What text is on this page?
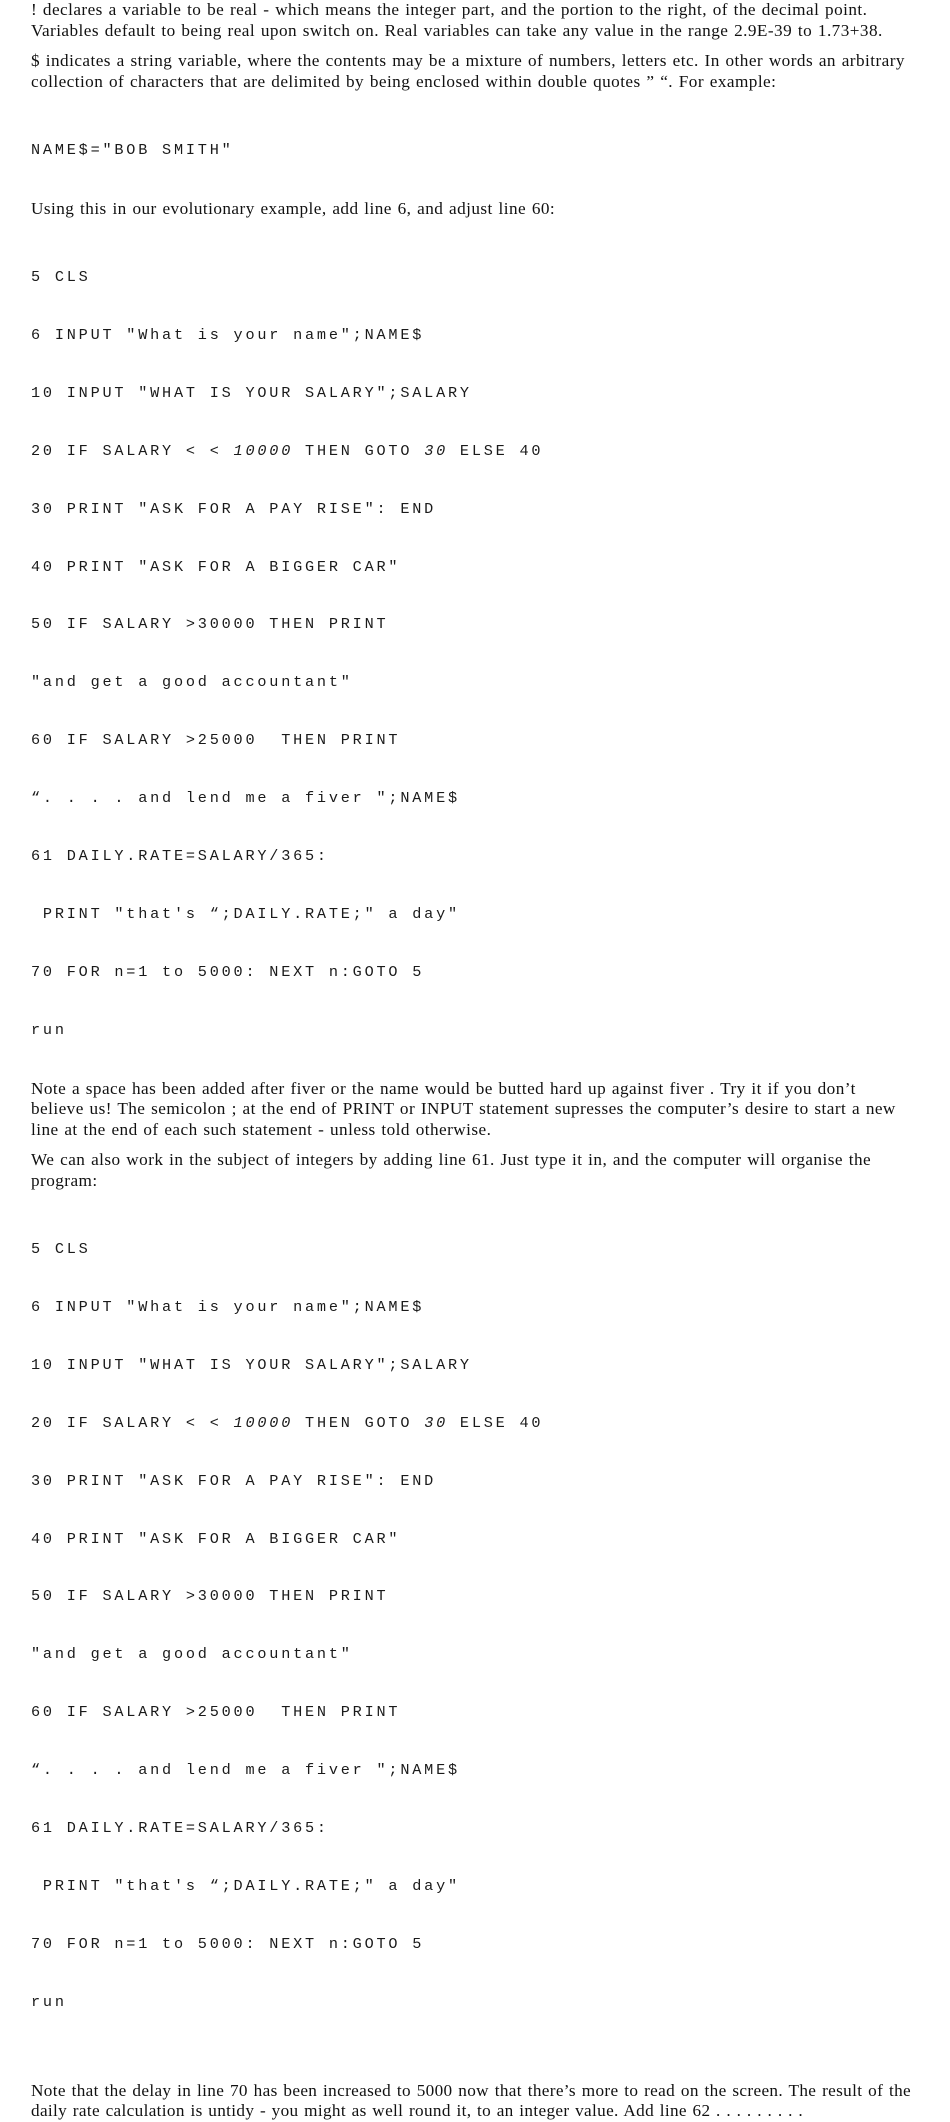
! declares a variable to be real - which means the integer part, and the portion to the right, of the decimal point. Variables default to being real upon switch on. Real variables can take any value in the range 2.9E-39 to 1.73+38.

$ indicates a string variable, where the contents may be a mixture of numbers, letters etc. In other words an arbitrary collection of characters that are delimited by being enclosed within double quotes ” “. For example:

NAME$="BOB SMITH"

Using this in our evolutionary example, add line 6, and adjust line 60:

5 CLS

6 INPUT "What is your name";NAME$

10 INPUT "WHAT IS YOUR SALARY";SALARY

20 IF SALARY < < 10000 THEN GOTO 30 ELSE 40

30 PRINT "ASK FOR A PAY RISE": END

40 PRINT "ASK FOR A BIGGER CAR"

50 IF SALARY >30000 THEN PRINT

"and get a good accountant"

60 IF SALARY >25000  THEN PRINT

“. . . . and lend me a fiver ";NAME$

61 DAILY.RATE=SALARY/365:

PRINT "that's “;DAILY.RATE;" a day"

70 FOR n=1 to 5000: NEXT n:GOTO 5

run

Note a space has been added after fiver or the name would be butted hard up against fiver . Try it if you don’t believe us! The semicolon ; at the end of PRINT or INPUT statement supresses the computer’s desire to start a new line at the end of each such statement - unless told otherwise.

We can also work in the subject of integers by adding line 61. Just type it in, and the computer will organise the program:

5 CLS

6 INPUT "What is your name";NAME$

10 INPUT "WHAT IS YOUR SALARY";SALARY

20 IF SALARY < < 10000 THEN GOTO 30 ELSE 40

30 PRINT "ASK FOR A PAY RISE": END

40 PRINT "ASK FOR A BIGGER CAR"

50 IF SALARY >30000 THEN PRINT

"and get a good accountant"

60 IF SALARY >25000  THEN PRINT

“. . . . and lend me a fiver ";NAME$

61 DAILY.RATE=SALARY/365:

PRINT "that's “;DAILY.RATE;" a day"

70 FOR n=1 to 5000: NEXT n:GOTO 5

run

Note that the delay in line 70 has been increased to 5000 now that there’s more to read on the screen. The result of the daily rate calculation is untidy - you might as well round it, to an integer value. Add line 62 . . . . . . . . .
